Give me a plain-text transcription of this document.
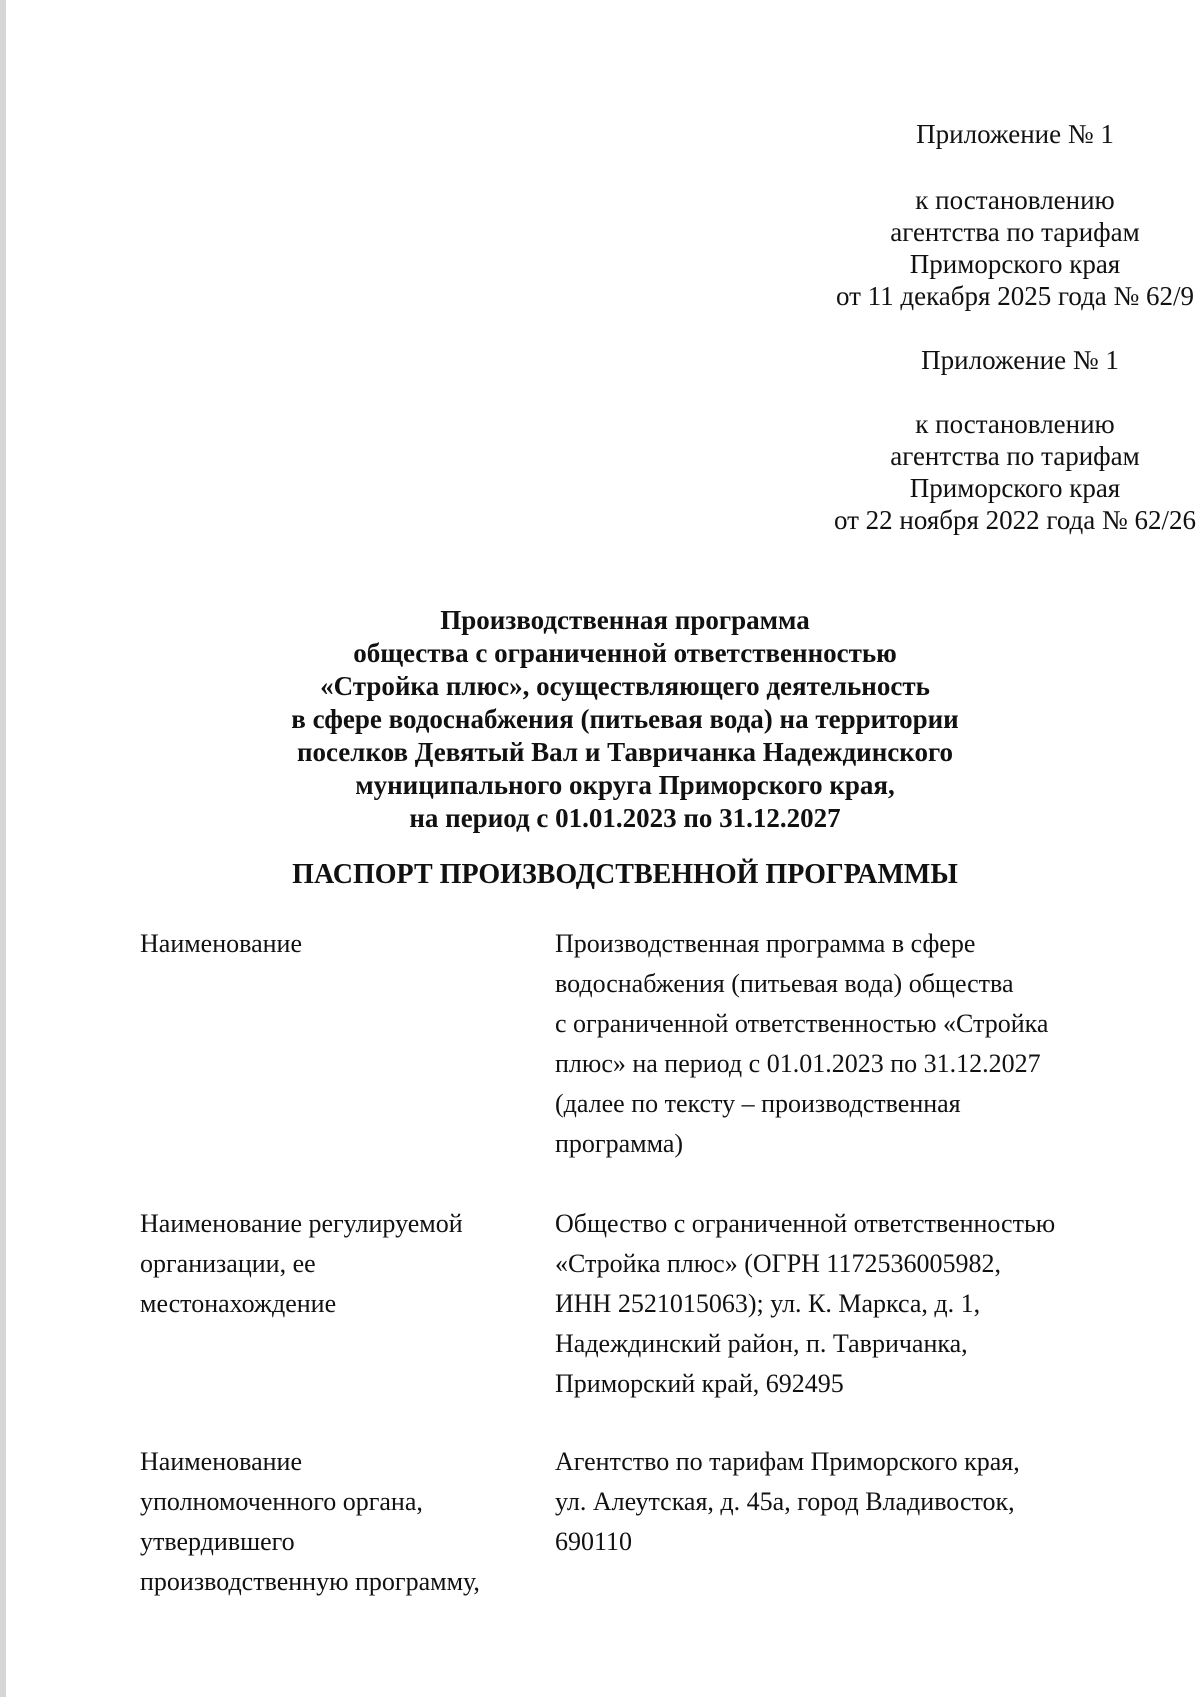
Приложение № 1
к постановлению
агентства по тарифам
Приморского края
от 11 декабря 2025 года № 62/9
Приложение № 1
к постановлению
агентства по тарифам
Приморского края
от 22 ноября 2022 года № 62/26
Производственная программа
общества с ограниченной ответственностью
«Стройка плюс», осуществляющего деятельность
в сфере водоснабжения (питьевая вода) на территории
поселков Девятый Вал и Тавричанка Надеждинского
муниципального округа Приморского края,
на период с 01.01.2023 по 31.12.2027
ПАСПОРТ ПРОИЗВОДСТВЕННОЙ ПРОГРАММЫ
Наименование	Производственная программа в сфере
водоснабжения (питьевая вода) общества
с ограниченной ответственностью «Стройка
плюс» на период с 01.01.2023 по 31.12.2027
(далее по тексту – производственная
программа)
Наименование регулируемой
организации, ее
местонахождение
Общество с ограниченной ответственностью
«Стройка плюс» (ОГРН 1172536005982,
ИНН 2521015063); ул. К. Маркса, д. 1,
Надеждинский район, п. Тавричанка,
Приморский край, 692495
Наименование
уполномоченного органа,
утвердившего
производственную программу,
Агентство по тарифам Приморского края,
ул. Алеутская, д. 45а, город Владивосток,
690110
